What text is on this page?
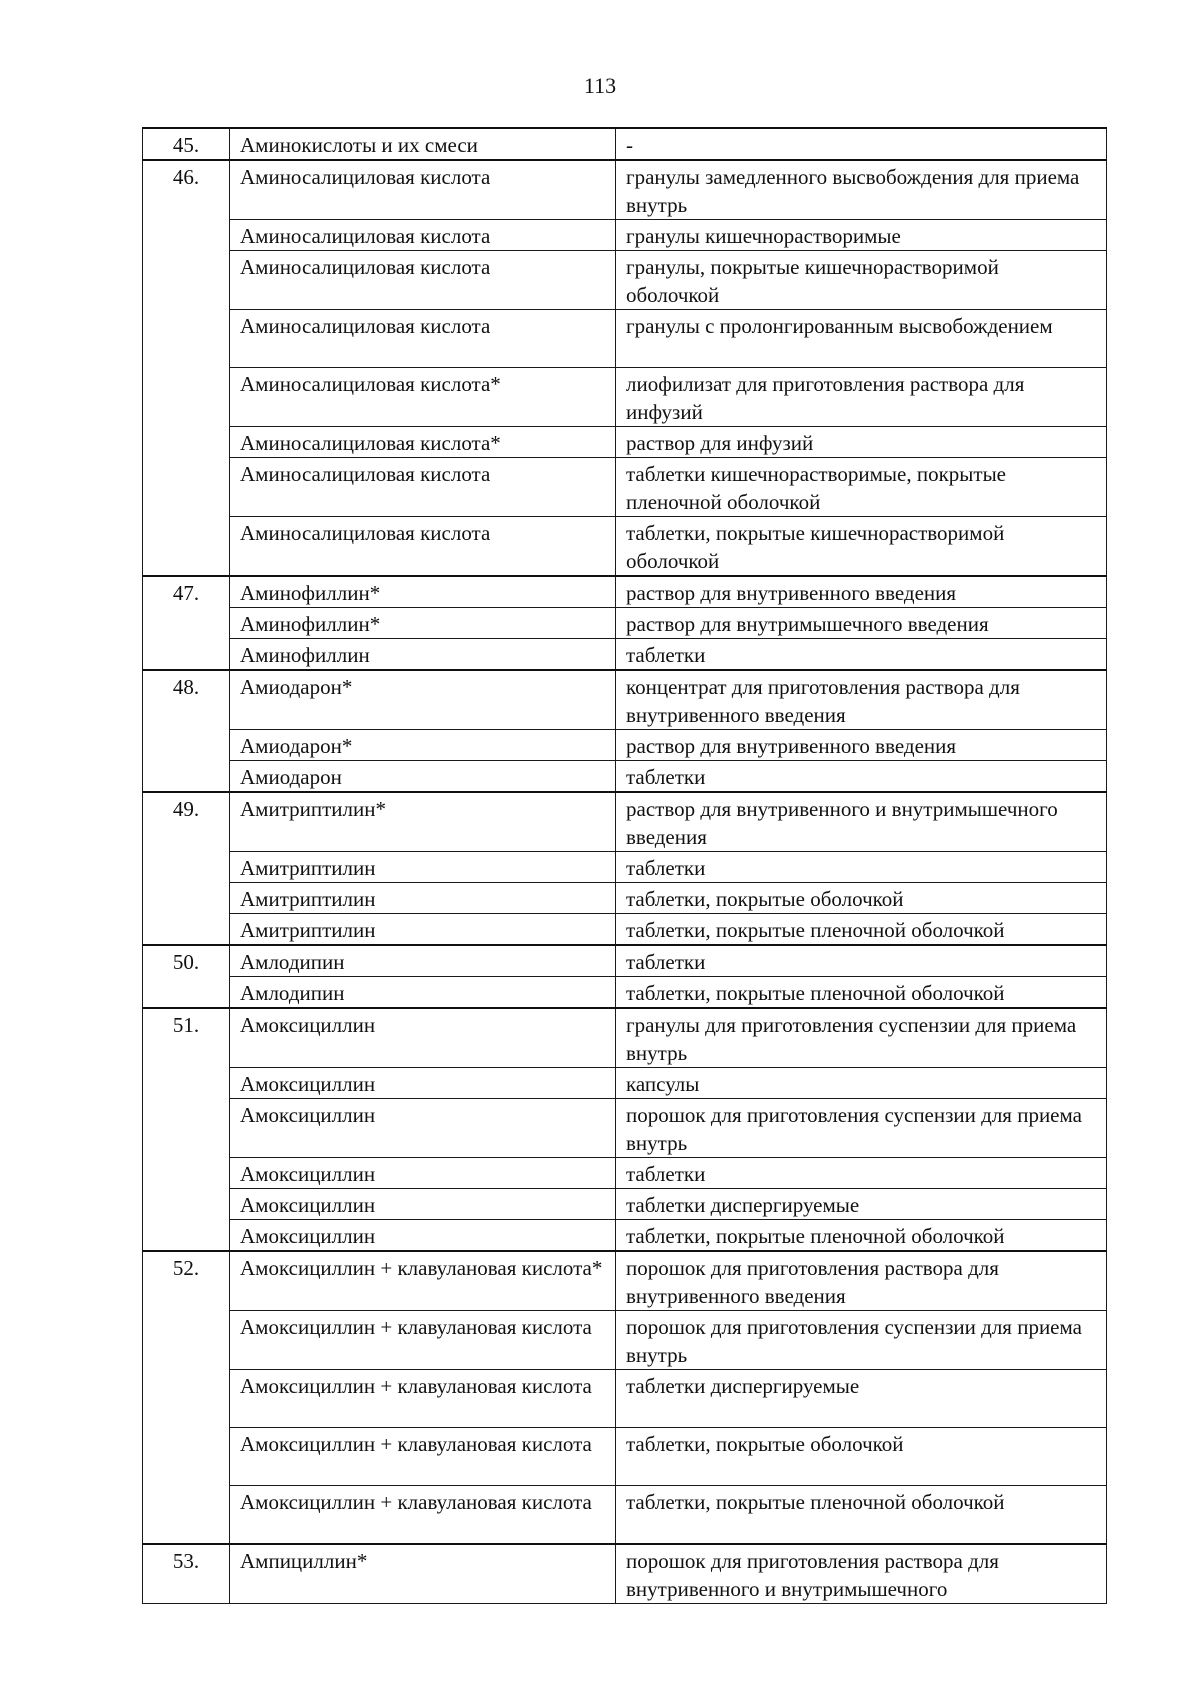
113
45.	Аминокислоты и их смеси	-
46.	Аминосалициловая кислота	гранулы замедленного высвобождения для приема внутрь
	Аминосалициловая кислота	гранулы кишечнорастворимые
	Аминосалициловая кислота	гранулы, покрытые кишечнорастворимой оболочкой
	Аминосалициловая кислота	гранулы с пролонгированным высвобождением
	Аминосалициловая кислота*	лиофилизат для приготовления раствора для инфузий
	Аминосалициловая кислота*	раствор для инфузий
	Аминосалициловая кислота	таблетки кишечнорастворимые, покрытые пленочной оболочкой
	Аминосалициловая кислота	таблетки, покрытые кишечнорастворимой оболочкой
47.	Аминофиллин*	раствор для внутривенного введения
	Аминофиллин*	раствор для внутримышечного введения
	Аминофиллин	таблетки
48.	Амиодарон*	концентрат для приготовления раствора для внутривенного введения
	Амиодарон*	раствор для внутривенного введения
	Амиодарон	таблетки
49.	Амитриптилин*	раствор для внутривенного и внутримышечного введения
	Амитриптилин	таблетки
	Амитриптилин	таблетки, покрытые оболочкой
	Амитриптилин	таблетки, покрытые пленочной оболочкой
50.	Амлодипин	таблетки
	Амлодипин	таблетки, покрытые пленочной оболочкой
51.	Амоксициллин	гранулы для приготовления суспензии для приема внутрь
	Амоксициллин	капсулы
	Амоксициллин	порошок для приготовления суспензии для приема внутрь
	Амоксициллин	таблетки
	Амоксициллин	таблетки диспергируемые
	Амоксициллин	таблетки, покрытые пленочной оболочкой
52.	Амоксициллин + клавулановая кислота*	порошок для приготовления раствора для внутривенного введения
	Амоксициллин + клавулановая кислота	порошок для приготовления суспензии для приема внутрь
	Амоксициллин + клавулановая кислота	таблетки диспергируемые
	Амоксициллин + клавулановая кислота	таблетки, покрытые оболочкой
	Амоксициллин + клавулановая кислота	таблетки, покрытые пленочной оболочкой
53.	Ампициллин*	порошок для приготовления раствора для внутривенного и внутримышечного
